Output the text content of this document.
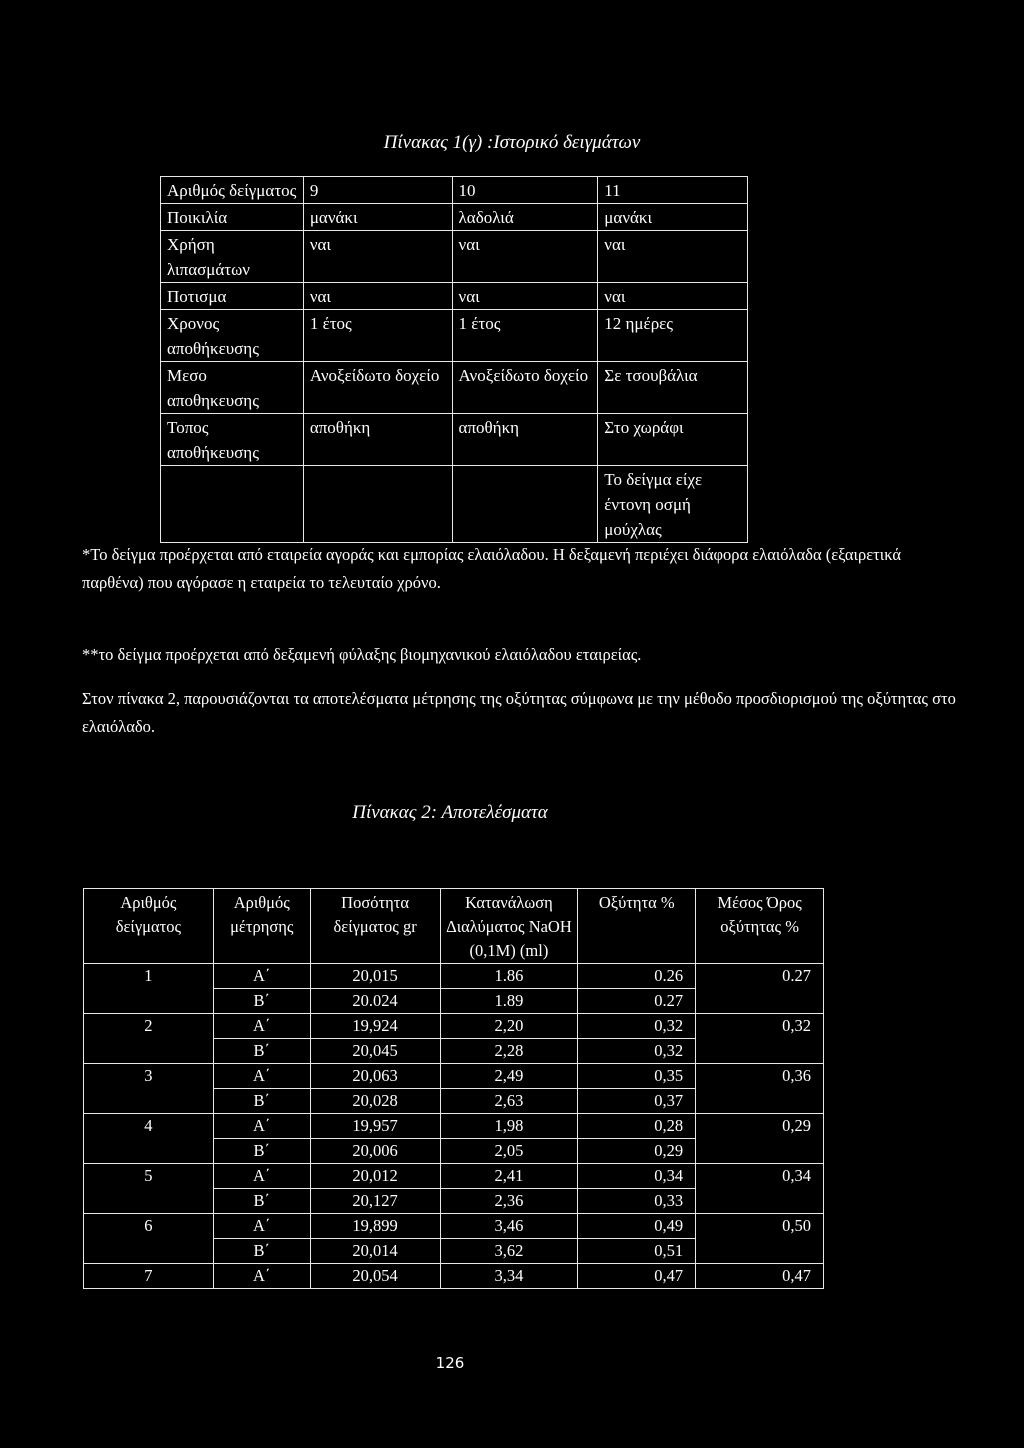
Πίνακας 1(γ) :Ιστορικό δειγμάτων
Αριθμός δείγματος	9	10	11
Ποικιλία	μανάκι	λαδολιά	μανάκι
Χρήση λιπασμάτων	ναι	ναι	ναι
Ποτισμα	ναι	ναι	ναι
Χρονος αποθήκευσης	1 έτος	1 έτος	12 ημέρες
Μεσο αποθηκευσης	Ανοξείδωτο δοχείο	Ανοξείδωτο δοχείο	Σε τσουβάλια
Τοπος αποθήκευσης	αποθήκη	αποθήκη	Στο χωράφι
			Το δείγμα είχε έντονη οσμή μούχλας
*Το δείγμα προέρχεται από εταιρεία αγοράς και εμπορίας ελαιόλαδου. Η δεξαμενή περιέχει διάφορα ελαιόλαδα (εξαιρετικά παρθένα) που αγόρασε η εταιρεία το τελευταίο χρόνο.
**το δείγμα προέρχεται από δεξαμενή φύλαξης βιομηχανικού ελαιόλαδου εταιρείας.
Στον πίνακα 2, παρουσιάζονται τα αποτελέσματα μέτρησης της οξύτητας σύμφωνα με την μέθοδο προσδιορισμού της οξύτητας στο ελαιόλαδο.
Πίνακας 2: Αποτελέσματα
Αριθμός δείγματος	Αριθμός μέτρησης	Ποσότητα δείγματος gr	Κατανάλωση Διαλύματος NaOH (0,1M) (ml)	Οξύτητα %	Μέσος Όρος οξύτητας %
1	A΄	20,015	1.86	0.26	0.27
	B΄	20.024	1.89	0.27	
2	A΄	19,924	2,20	0,32	0,32
	B΄	20,045	2,28	0,32	
3	A΄	20,063	2,49	0,35	0,36
	B΄	20,028	2,63	0,37	
4	A΄	19,957	1,98	0,28	0,29
	B΄	20,006	2,05	0,29	
5	A΄	20,012	2,41	0,34	0,34
	B΄	20,127	2,36	0,33	
6	A΄	19,899	3,46	0,49	0,50
	B΄	20,014	3,62	0,51	
7	A΄	20,054	3,34	0,47	0,47
126
